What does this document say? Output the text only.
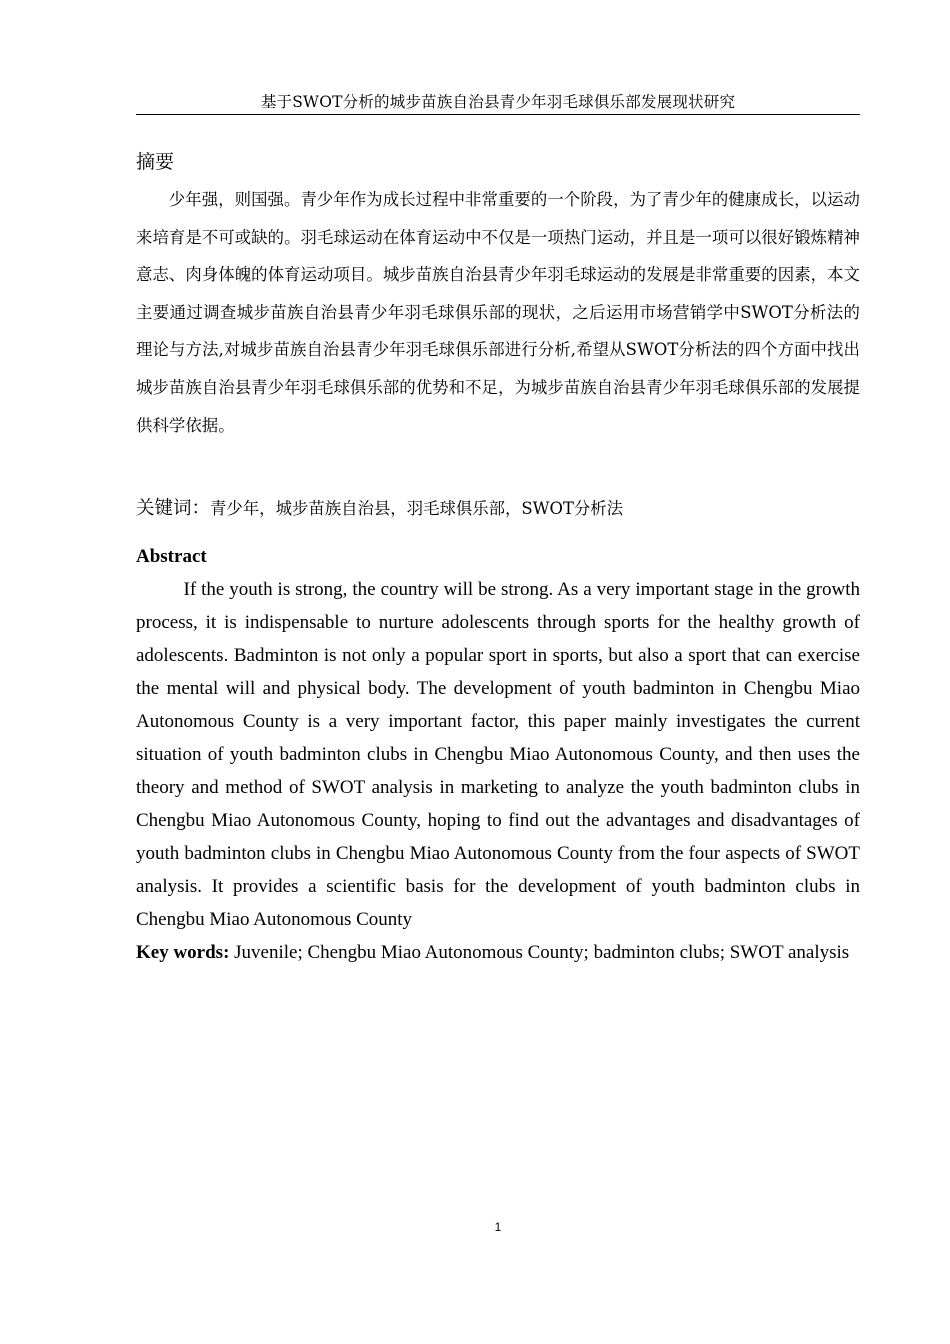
基于SWOT分析的城步苗族自治县青少年羽毛球俱乐部发展现状研究
摘要

少年强，则国强。青少年作为成长过程中非常重要的一个阶段，为了青少年的健康成长，以运动来培育是不可或缺的。羽毛球运动在体育运动中不仅是一项热门运动，并且是一项可以很好锻炼精神意志、肉身体魄的体育运动项目。城步苗族自治县青少年羽毛球运动的发展是非常重要的因素，本文主要通过调查城步苗族自治县青少年羽毛球俱乐部的现状，之后运用市场营销学中SWOT分析法的理论与方法,对城步苗族自治县青少年羽毛球俱乐部进行分析,希望从SWOT分析法的四个方面中找出城步苗族自治县青少年羽毛球俱乐部的优势和不足，为城步苗族自治县青少年羽毛球俱乐部的发展提供科学依据。

关键词：青少年，城步苗族自治县，羽毛球俱乐部，SWOT分析法
Abstract

If the youth is strong, the country will be strong. As a very important stage in the growth process, it is indispensable to nurture adolescents through sports for the healthy growth of adolescents. Badminton is not only a popular sport in sports, but also a sport that can exercise the mental will and physical body. The development of youth badminton in Chengbu Miao Autonomous County is a very important factor, this paper mainly investigates the current situation of youth badminton clubs in Chengbu Miao Autonomous County, and then uses the theory and method of SWOT analysis in marketing to analyze the youth badminton clubs in Chengbu Miao Autonomous County, hoping to find out the advantages and disadvantages of youth badminton clubs in Chengbu Miao Autonomous County from the four aspects of SWOT analysis. It provides a scientific basis for the development of youth badminton clubs in Chengbu Miao Autonomous County

Key words: Juvenile; Chengbu Miao Autonomous County; badminton clubs; SWOT analysis
1
